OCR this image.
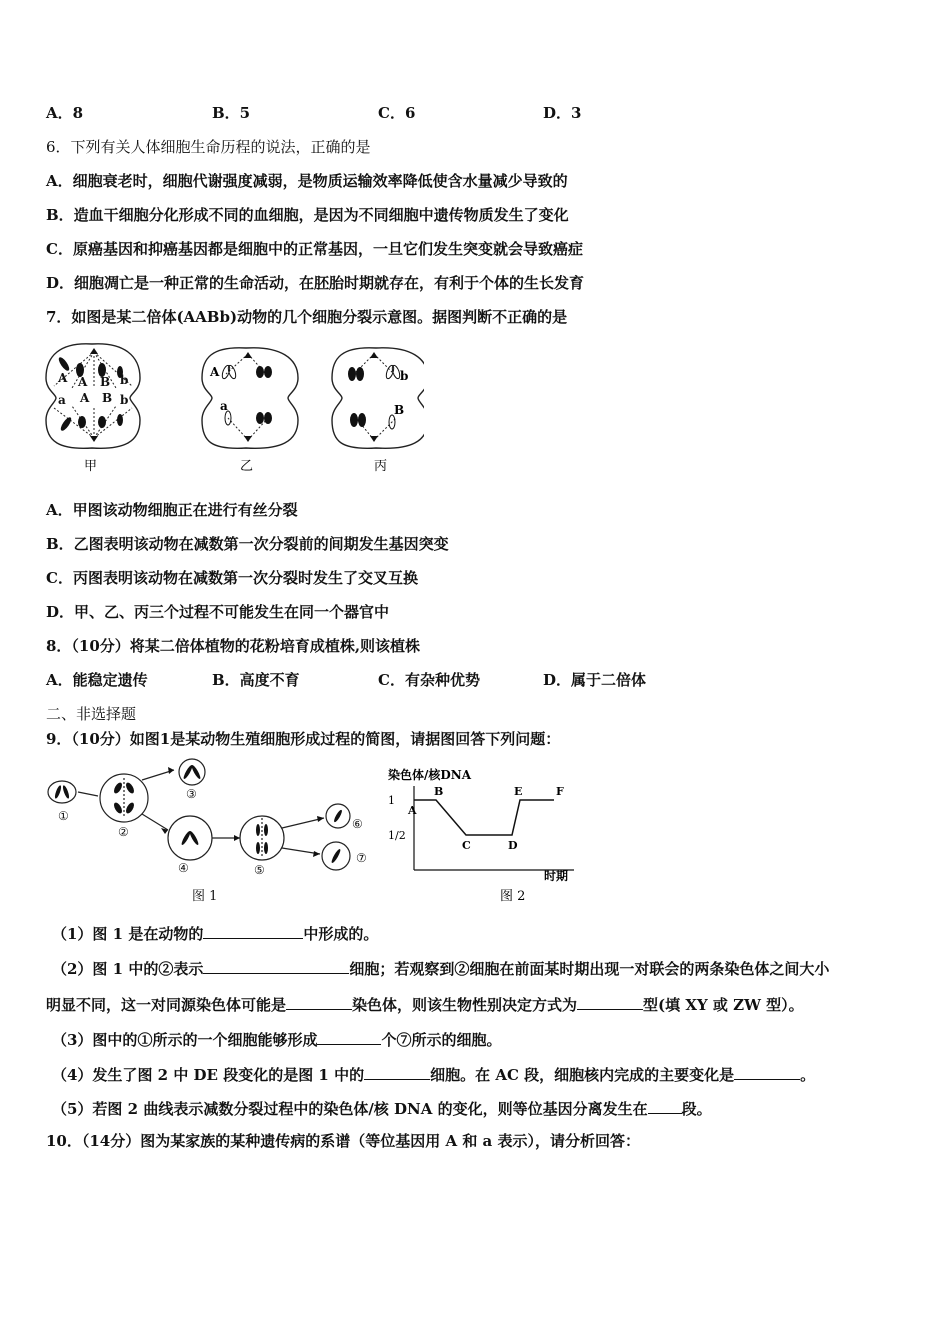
A．8	B．5	C．6	D．3
6．下列有关人体细胞生命历程的说法，正确的是
A．细胞衰老时，细胞代谢强度减弱，是物质运输效率降低使含水量减少导致的
B．造血干细胞分化形成不同的血细胞，是因为不同细胞中遗传物质发生了变化
C．原癌基因和抑癌基因都是细胞中的正常基因，一旦它们发生突变就会导致癌症
D．细胞凋亡是一种正常的生命活动，在胚胎时期就存在，有利于个体的生长发育
7．如图是某二倍体(AABb)动物的几个细胞分裂示意图。据图判断不正确的是
A A B b
a A B b
甲
A
a
乙
b
B
丙
A．甲图该动物细胞正在进行有丝分裂
B．乙图表明该动物在减数第一次分裂前的间期发生基因突变
C．丙图表明该动物在减数第一次分裂时发生了交叉互换
D．甲、乙、丙三个过程不可能发生在同一个器官中
8．（10分）将某二倍体植物的花粉培育成植株,则该植株
A．能稳定遗传	B．高度不育	C．有杂种优势	D．属于二倍体
二、非选择题
9．（10分）如图1是某动物生殖细胞形成过程的简图，请据图回答下列问题：
①
②
③
④	⑤
⑥
⑦
图 1
染色体/核DNA
时期
图 2
1
1/2
A
B
C	D
E	F
（1）图 1 是在动物的	中形成的。
（2）图 1 中的②表示	细胞；若观察到②细胞在前面某时期出现一对联会的两条染色体之间大小
明显不同，这一对同源染色体可能是	染色体，则该生物性别决定方式为	型(填 XY 或 ZW 型）。
（3）图中的①所示的一个细胞能够形成	个⑦所示的细胞。
（4）发生了图 2 中 DE 段变化的是图 1 中的	细胞。在 AC 段，细胞核内完成的主要变化是	。
（5）若图 2 曲线表示减数分裂过程中的染色体/核 DNA 的变化，则等位基因分离发生在 段。
10．（14分）图为某家族的某种遗传病的系谱（等位基因用 A 和 a 表示），请分析回答：
